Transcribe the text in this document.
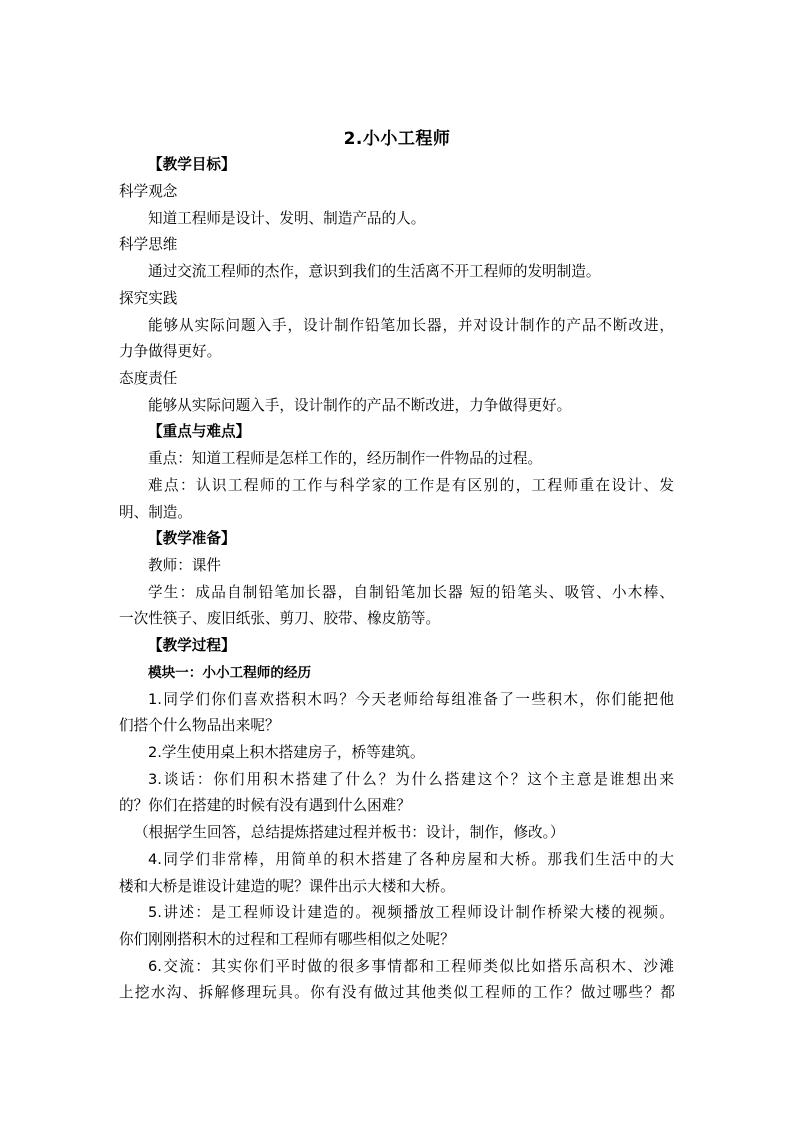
2.小小工程师
【教学目标】
科学观念
知道工程师是设计、发明、制造产品的人。
科学思维
通过交流工程师的杰作，意识到我们的生活离不开工程师的发明制造。
探究实践
能够从实际问题入手，设计制作铅笔加长器，并对设计制作的产品不断改进，
力争做得更好。
态度责任
能够从实际问题入手，设计制作的产品不断改进，力争做得更好。
【重点与难点】
重点：知道工程师是怎样工作的，经历制作一件物品的过程。
难点：认识工程师的工作与科学家的工作是有区别的，工程师重在设计、发
明、制造。
【教学准备】
教师：课件
学生：成品自制铅笔加长器，自制铅笔加长器 短的铅笔头、吸管、小木棒、
一次性筷子、废旧纸张、剪刀、胶带、橡皮筋等。
【教学过程】
模块一：小小工程师的经历
1.同学们你们喜欢搭积木吗？今天老师给每组准备了一些积木，你们能把他
们搭个什么物品出来呢？
2.学生使用桌上积木搭建房子，桥等建筑。
3.谈话：你们用积木搭建了什么？为什么搭建这个？这个主意是谁想出来
的？你们在搭建的时候有没有遇到什么困难？
（根据学生回答，总结提炼搭建过程并板书：设计，制作，修改。）
4.同学们非常棒，用简单的积木搭建了各种房屋和大桥。那我们生活中的大
楼和大桥是谁设计建造的呢？课件出示大楼和大桥。
5.讲述：是工程师设计建造的。视频播放工程师设计制作桥梁大楼的视频。
你们刚刚搭积木的过程和工程师有哪些相似之处呢？
6.交流：其实你们平时做的很多事情都和工程师类似比如搭乐高积木、沙滩
上挖水沟、拆解修理玩具。你有没有做过其他类似工程师的工作？做过哪些？都
